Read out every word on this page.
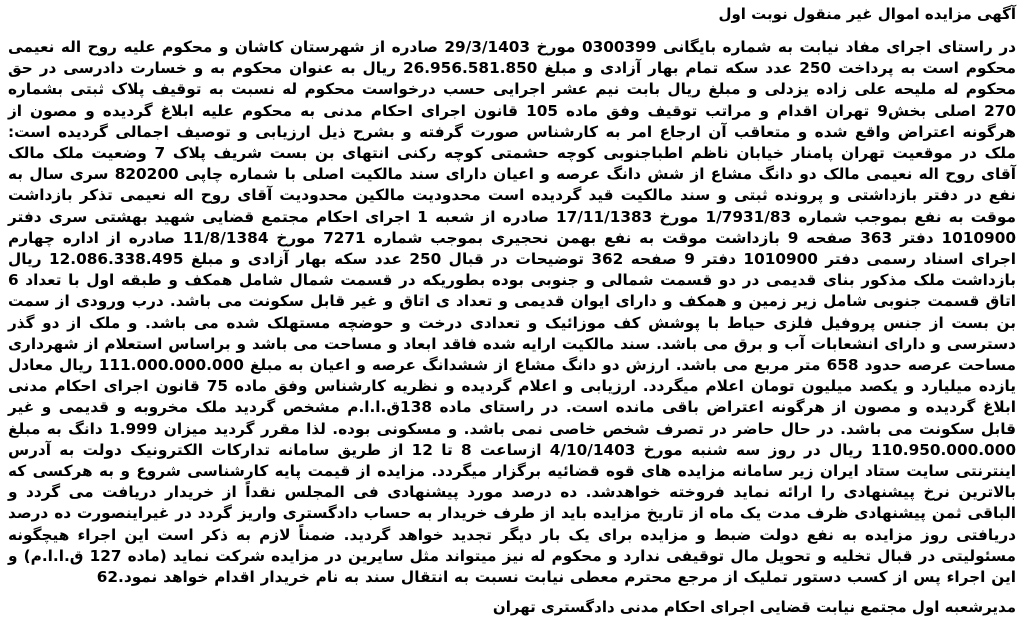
آگهی مزایده اموال غیر منقول نوبت اول

در راستای اجرای مفاد نیابت به شماره بایگانی 0300399 مورخ 29/3/1403 صادره از شهرستان کاشان و محکوم علیه روح اله نعیمی محکوم است به پرداخت 250 عدد سکه تمام بهار آزادی و مبلغ 26.956.581.850 ریال به عنوان محکوم به و خسارت دادرسی در حق محکوم له ملیحه علی زاده یزدلی و مبلغ ریال بابت نیم عشر اجرایی حسب درخواست محکوم له نسبت به توقیف پلاک ثبتی بشماره 270 اصلی بخش9 تهران اقدام و مراتب توقیف وفق ماده 105 قانون اجرای احکام مدنی به محکوم علیه ابلاغ گردیده و مصون از هرگونه اعتراض واقع شده و متعاقب آن ارجاع امر به کارشناس صورت گرفته و بشرح ذیل ارزیابی و توصیف اجمالی گردیده است: ملک در موقعیت تهران پامنار خیابان ناظم اطباجنوبی کوچه حشمتی کوچه رکنی انتهای بن بست شریف پلاک 7 وضعیت ملک مالک آقای روح اله نعیمی مالک دو دانگ مشاع از شش دانگ عرصه و اعیان دارای سند مالکیت اصلی با شماره چاپی 820200 سری سال به نفع در دفتر بازداشتی و پرونده ثبتی و سند مالکیت قید گردیده است محدودیت مالکین محدودیت آقای روح اله نعیمی تذکر بازداشت موقت به نفع بموجب شماره 1/7931/83 مورخ 17/11/1383 صادره از شعبه 1 اجرای احکام مجتمع قضایی شهید بهشتی سری دفتر 1010900 دفتر 363 صفحه 9 بازداشت موقت به نفع بهمن نحجیری بموجب شماره 7271 مورخ 11/8/1384 صادره از اداره چهارم اجرای اسناد رسمی دفتر 1010900 دفتر 9 صفحه 362 توضیحات در قبال 250 عدد سکه بهار آزادی و مبلغ 12.086.338.495 ریال بازداشت ملک مذکور بنای قدیمی در دو قسمت شمالی و جنوبی بوده بطوریکه در قسمت شمال شامل همکف و طبقه اول با تعداد 6 اتاق قسمت جنوبی شامل زیر زمین و همکف و دارای ایوان قدیمی و تعداد ی اتاق و غیر قابل سکونت می باشد. درب ورودی از سمت بن بست از جنس پروفیل فلزی حیاط با پوشش کف موزائیک و تعدادی درخت و حوضچه مستهلک شده می باشد. و ملک از دو گذر دسترسی و دارای انشعابات آب و برق می باشد. سند مالکیت ارایه شده فاقد ابعاد و مساحت می باشد و براساس استعلام از شهرداری مساحت عرصه حدود 658 متر مربع می باشد. ارزش دو دانگ مشاع از ششدانگ عرصه و اعیان به مبلغ 111.000.000.000 ریال معادل یازده میلیارد و یکصد میلیون تومان اعلام میگردد. ارزیابی و اعلام گردیده و نظریه کارشناس وفق ماده 75 قانون اجرای احکام مدنی ابلاغ گردیده و مصون از هرگونه اعتراض باقی مانده است. در راستای ماده 138ق.ا.ا.م مشخص گردید ملک مخروبه و قدیمی و غیر قابل سکونت می باشد. در حال حاضر در تصرف شخص خاصی نمی باشد. و مسکونی بوده. لذا مقرر گردید میزان 1.999 دانگ به مبلغ 110.950.000.000 ریال در روز سه شنبه مورخ 4/10/1403 ازساعت 8 تا 12 از طریق سامانه تدارکات الکترونیک دولت به آدرس اینترنتی سایت ستاد ایران زیر سامانه مزایده های قوه قضائیه برگزار میگردد. مزایده از قیمت پایه کارشناسی شروع و به هرکسی که بالاترین نرخ پیشنهادی را ارائه نماید فروخته خواهدشد. ده درصد مورد پیشنهادی فی المجلس نقداً از خریدار دریافت می گردد و الباقی ثمن پیشنهادی ظرف مدت یک ماه از تاریخ مزایده باید از طرف خریدار به حساب دادگستری واریز گردد در غیراینصورت ده درصد دریافتی روز مزایده به نفع دولت ضبط و مزایده برای یک بار دیگر تجدید خواهد گردید. ضمناً لازم به ذکر است این اجراء هیچگونه مسئولیتی در قبال تخلیه و تحویل مال توقیفی ندارد و محکوم له نیز میتواند مثل سایرین در مزایده شرکت نماید (ماده 127 ق.ا.ا.م) و این اجراء پس از کسب دستور تملیک از مرجع محترم معطی نیابت نسبت به انتقال سند به نام خریدار اقدام خواهد نمود.62

مدیرشعبه اول مجتمع نیابت قضایی اجرای احکام مدنی دادگستری تهران
